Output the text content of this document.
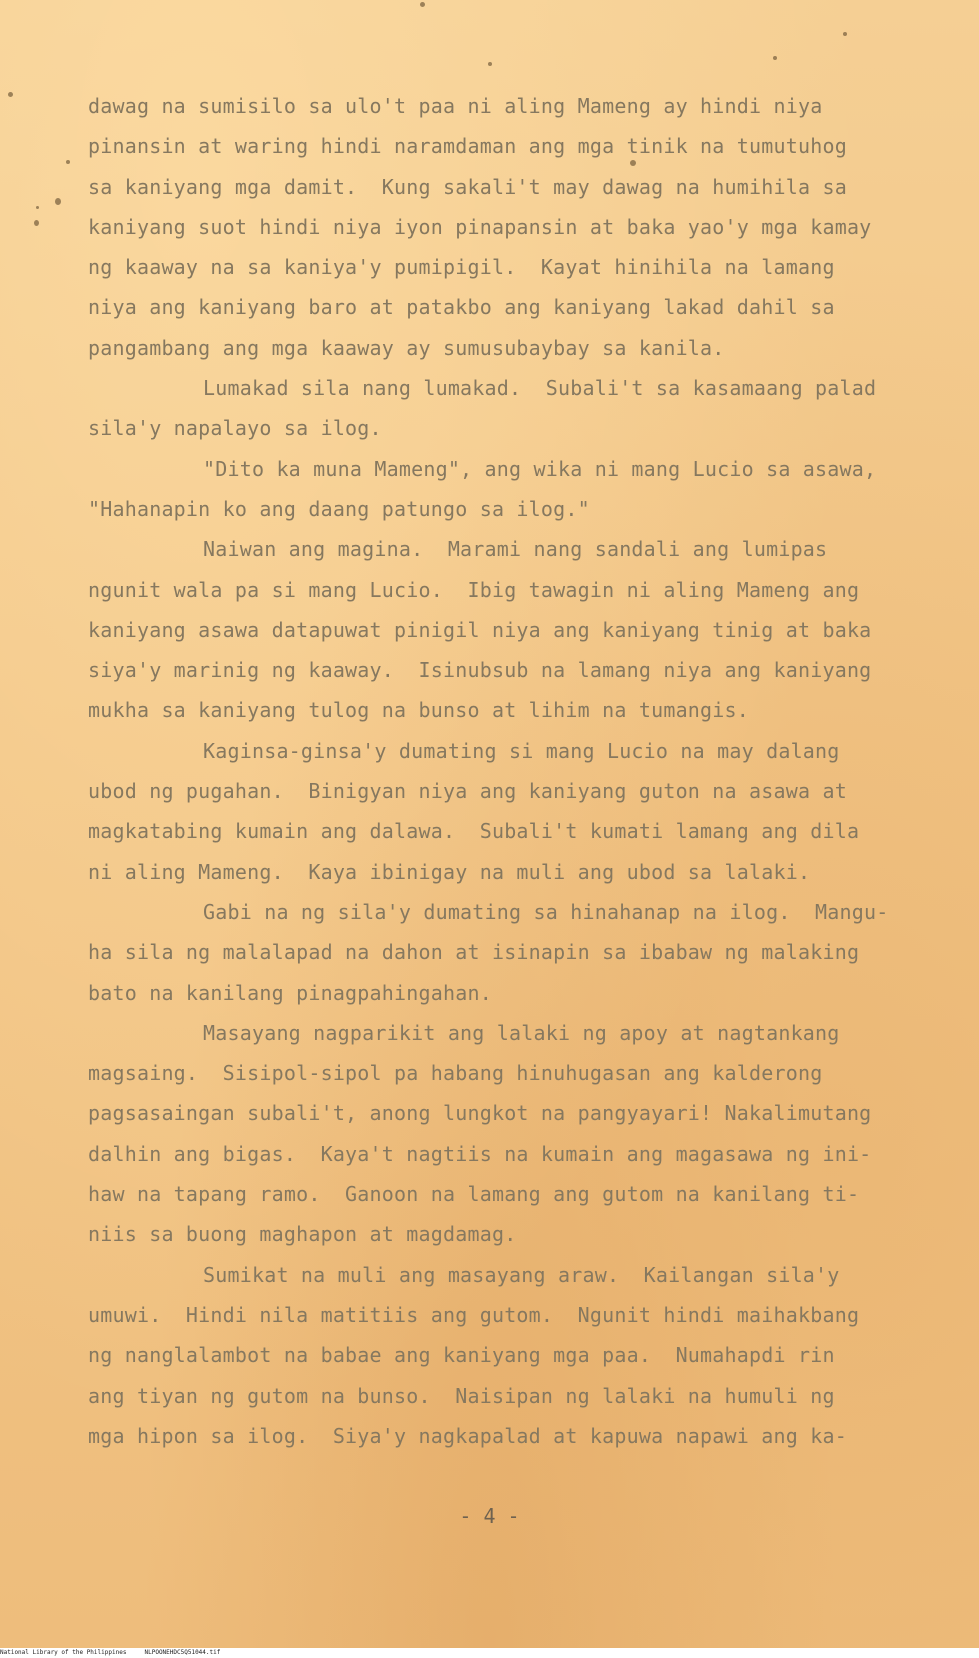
dawag na sumisilo sa ulo't paa ni aling Mameng ay hindi niya
pinansin at waring hindi naramdaman ang mga tinik na tumutuhog
sa kaniyang mga damit.  Kung sakali't may dawag na humihila sa
kaniyang suot hindi niya iyon pinapansin at baka yao'y mga kamay
ng kaaway na sa kaniya'y pumipigil.  Kayat hinihila na lamang
niya ang kaniyang baro at patakbo ang kaniyang lakad dahil sa
pangambang ang mga kaaway ay sumusubaybay sa kanila.
Lumakad sila nang lumakad.  Subali't sa kasamaang palad
sila'y napalayo sa ilog.
"Dito ka muna Mameng", ang wika ni mang Lucio sa asawa,
"Hahanapin ko ang daang patungo sa ilog."
Naiwan ang magina.  Marami nang sandali ang lumipas
ngunit wala pa si mang Lucio.  Ibig tawagin ni aling Mameng ang
kaniyang asawa datapuwat pinigil niya ang kaniyang tinig at baka
siya'y marinig ng kaaway.  Isinubsub na lamang niya ang kaniyang
mukha sa kaniyang tulog na bunso at lihim na tumangis.
Kaginsa-ginsa'y dumating si mang Lucio na may dalang
ubod ng pugahan.  Binigyan niya ang kaniyang guton na asawa at
magkatabing kumain ang dalawa.  Subali't kumati lamang ang dila
ni aling Mameng.  Kaya ibinigay na muli ang ubod sa lalaki.
Gabi na ng sila'y dumating sa hinahanap na ilog.  Mangu-
ha sila ng malalapad na dahon at isinapin sa ibabaw ng malaking
bato na kanilang pinagpahingahan.
Masayang nagparikit ang lalaki ng apoy at nagtankang
magsaing.  Sisipol-sipol pa habang hinuhugasan ang kalderong
pagsasaingan subali't, anong lungkot na pangyayari! Nakalimutang
dalhin ang bigas.  Kaya't nagtiis na kumain ang magasawa ng ini-
haw na tapang ramo.  Ganoon na lamang ang gutom na kanilang ti-
niis sa buong maghapon at magdamag.
Sumikat na muli ang masayang araw.  Kailangan sila'y
umuwi.  Hindi nila matitiis ang gutom.  Ngunit hindi maihakbang
ng nanglalambot na babae ang kaniyang mga paa.  Numahapdi rin
ang tiyan ng gutom na bunso.  Naisipan ng lalaki na humuli ng
mga hipon sa ilog.  Siya'y nagkapalad at kapuwa napawi ang ka-
- 4 -
National Library of the Philippines     NLPOONEHDC5Q51044.tif
